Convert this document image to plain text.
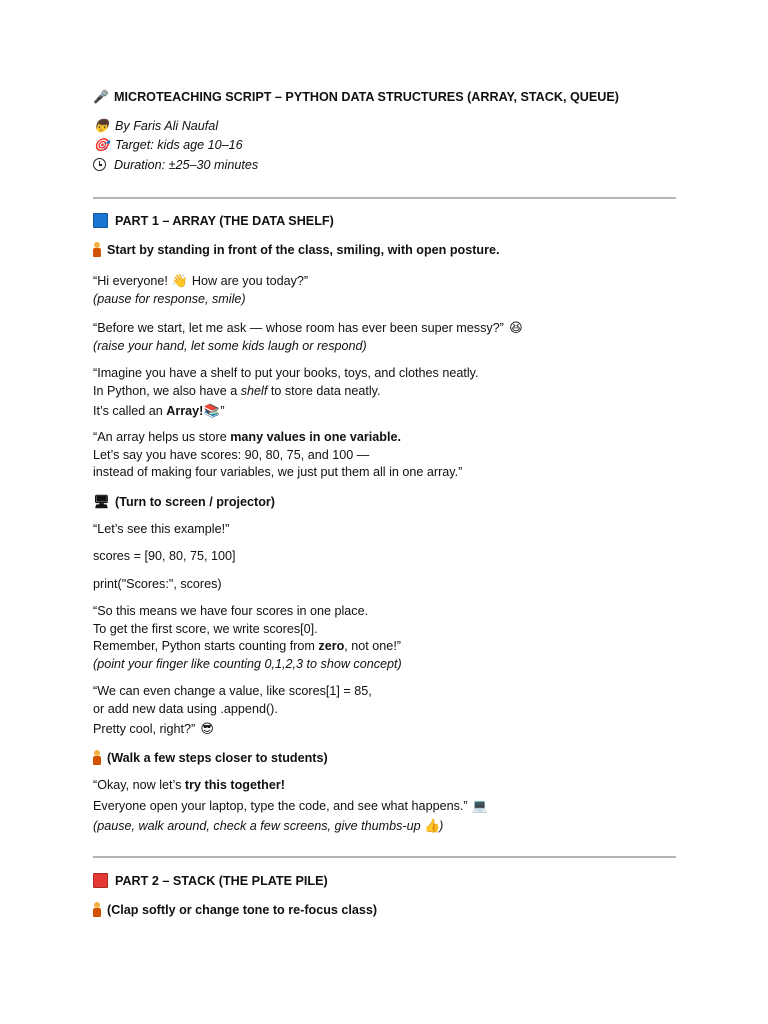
🎤 MICROTEACHING SCRIPT – PYTHON DATA STRUCTURES (ARRAY, STACK, QUEUE)
👦 By Faris Ali Naufal
🎯 Target: kids age 10–16
Duration: ±25–30 minutes
PART 1 – ARRAY (THE DATA SHELF)
Start by standing in front of the class, smiling, with open posture.
“Hi everyone! 👋 How are you today?”
(pause for response, smile)
“Before we start, let me ask — whose room has ever been super messy?” 😆
(raise your hand, let some kids laugh or respond)
“Imagine you have a shelf to put your books, toys, and clothes neatly.
In Python, we also have a shelf to store data neatly.
It’s called an Array!📚”
“An array helps us store many values in one variable.
Let’s say you have scores: 90, 80, 75, and 100 —
instead of making four variables, we just put them all in one array.”
🖥 (Turn to screen / projector)
“Let’s see this example!”
scores = [90, 80, 75, 100]
print("Scores:", scores)
“So this means we have four scores in one place.
To get the first score, we write scores[0].
Remember, Python starts counting from zero, not one!”
(point your finger like counting 0,1,2,3 to show concept)
“We can even change a value, like scores[1] = 85,
or add new data using .append().
Pretty cool, right?” 😎
(Walk a few steps closer to students)
“Okay, now let’s try this together!
Everyone open your laptop, type the code, and see what happens.” 💻
(pause, walk around, check a few screens, give thumbs-up 👍)
PART 2 – STACK (THE PLATE PILE)
(Clap softly or change tone to re-focus class)
